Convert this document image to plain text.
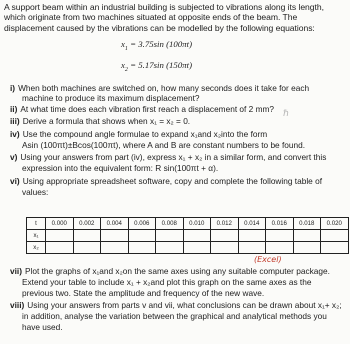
A support beam within an industrial building is subjected to vibrations along its length,
which originate from two machines situated at opposite ends of the beam. The
displacement caused by the vibrations can be modelled by the following equations:
$x_1 = 3.75\sin$ (100πt)
$x_2 = 5.17\sin$ (150πt)
i) When both machines are switched on, how many seconds does it take for each
machine to produce its maximum displacement?
ii) At what time does each vibration first reach a displacement of 2 mm?
iii) Derive a formula that shows when x₁ = x₂ = 0.
iv) Use the compound angle formulae to expand x₁and x₂into the form
Asin (100πt)±Bcos(100πt), where A and B are constant numbers to be found.
v) Using your answers from part (iv), express x₁ + x₂ in a similar form, and convert this
expression into the equivalent form: R sin(100πt + α).
vi) Using appropriate spreadsheet software, copy and complete the following table of
values:
t	0.000	0.002	0.004	0.006	0.008	0.010	0.012	0.014	0.016	0.018	0.020
x₁											
x₂											
(Excel)
ℏ
vii) Plot the graphs of x₁and x₂on the same axes using any suitable computer package.
Extend your table to include x₁ + x₂and plot this graph on the same axes as the
previous two. State the amplitude and frequency of the new wave.
viii) Using your answers from parts v and vii, what conclusions can be drawn about x₁+ x₂;
in addition, analyse the variation between the graphical and analytical methods you
have used.
